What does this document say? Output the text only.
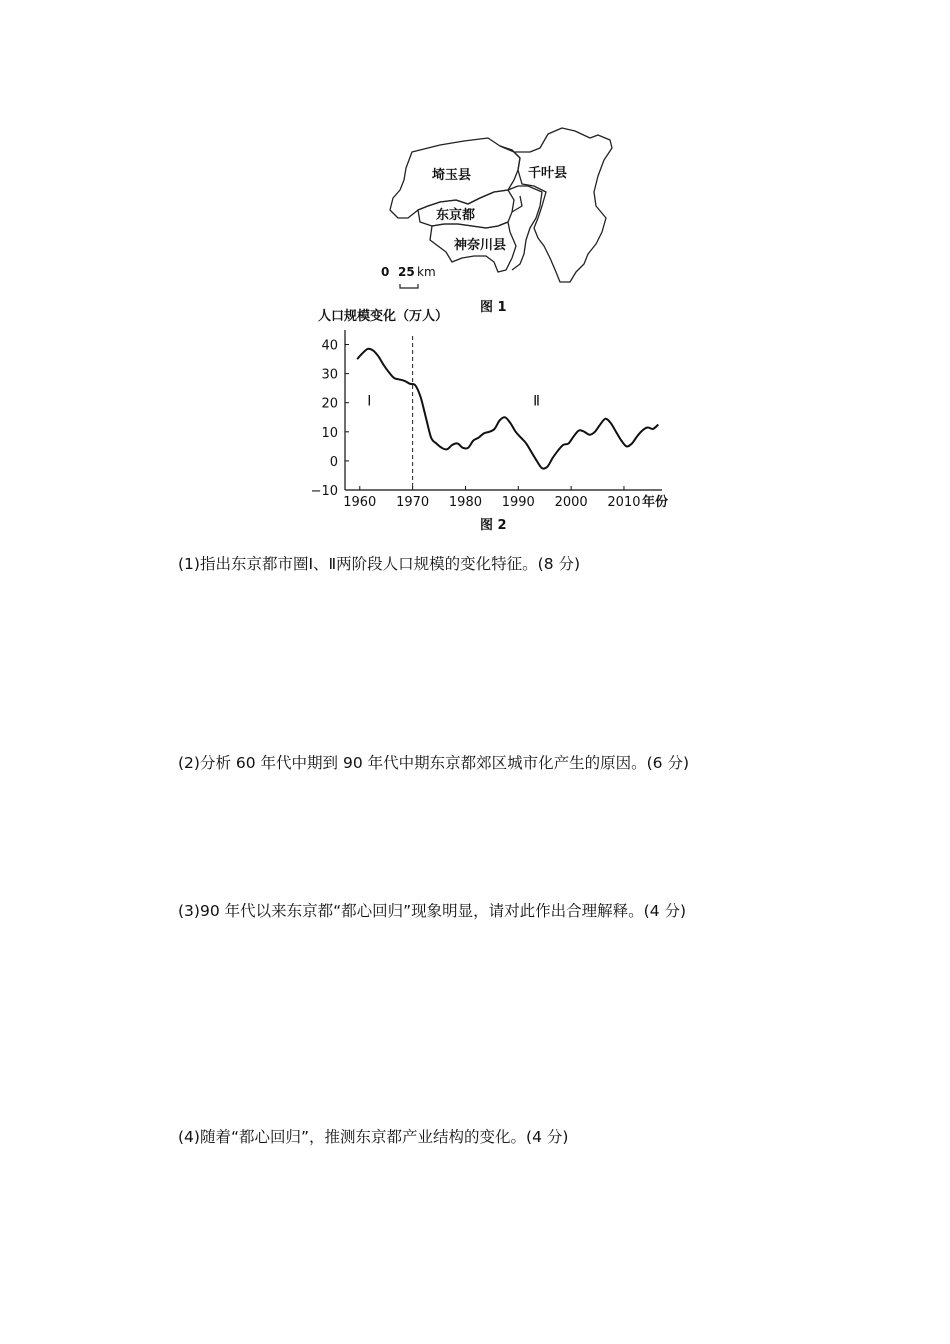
0 25 km
埼玉县	千叶县
东京都
神奈川县
图 1
40
30
20
10
0
−10
1960 1970 1980 1990 2000 2010
人口规模变化（万人）
Ⅰ	Ⅱ
年份
图 2
(1)指出东京都市圈Ⅰ、Ⅱ两阶段人口规模的变化特征。(8 分)
(2)分析 60 年代中期到 90 年代中期东京都郊区城市化产生的原因。(6 分)
(3)90 年代以来东京都“都心回归”现象明显，请对此作出合理解释。(4 分)
(4)随着“都心回归”，推测东京都产业结构的变化。(4 分)
